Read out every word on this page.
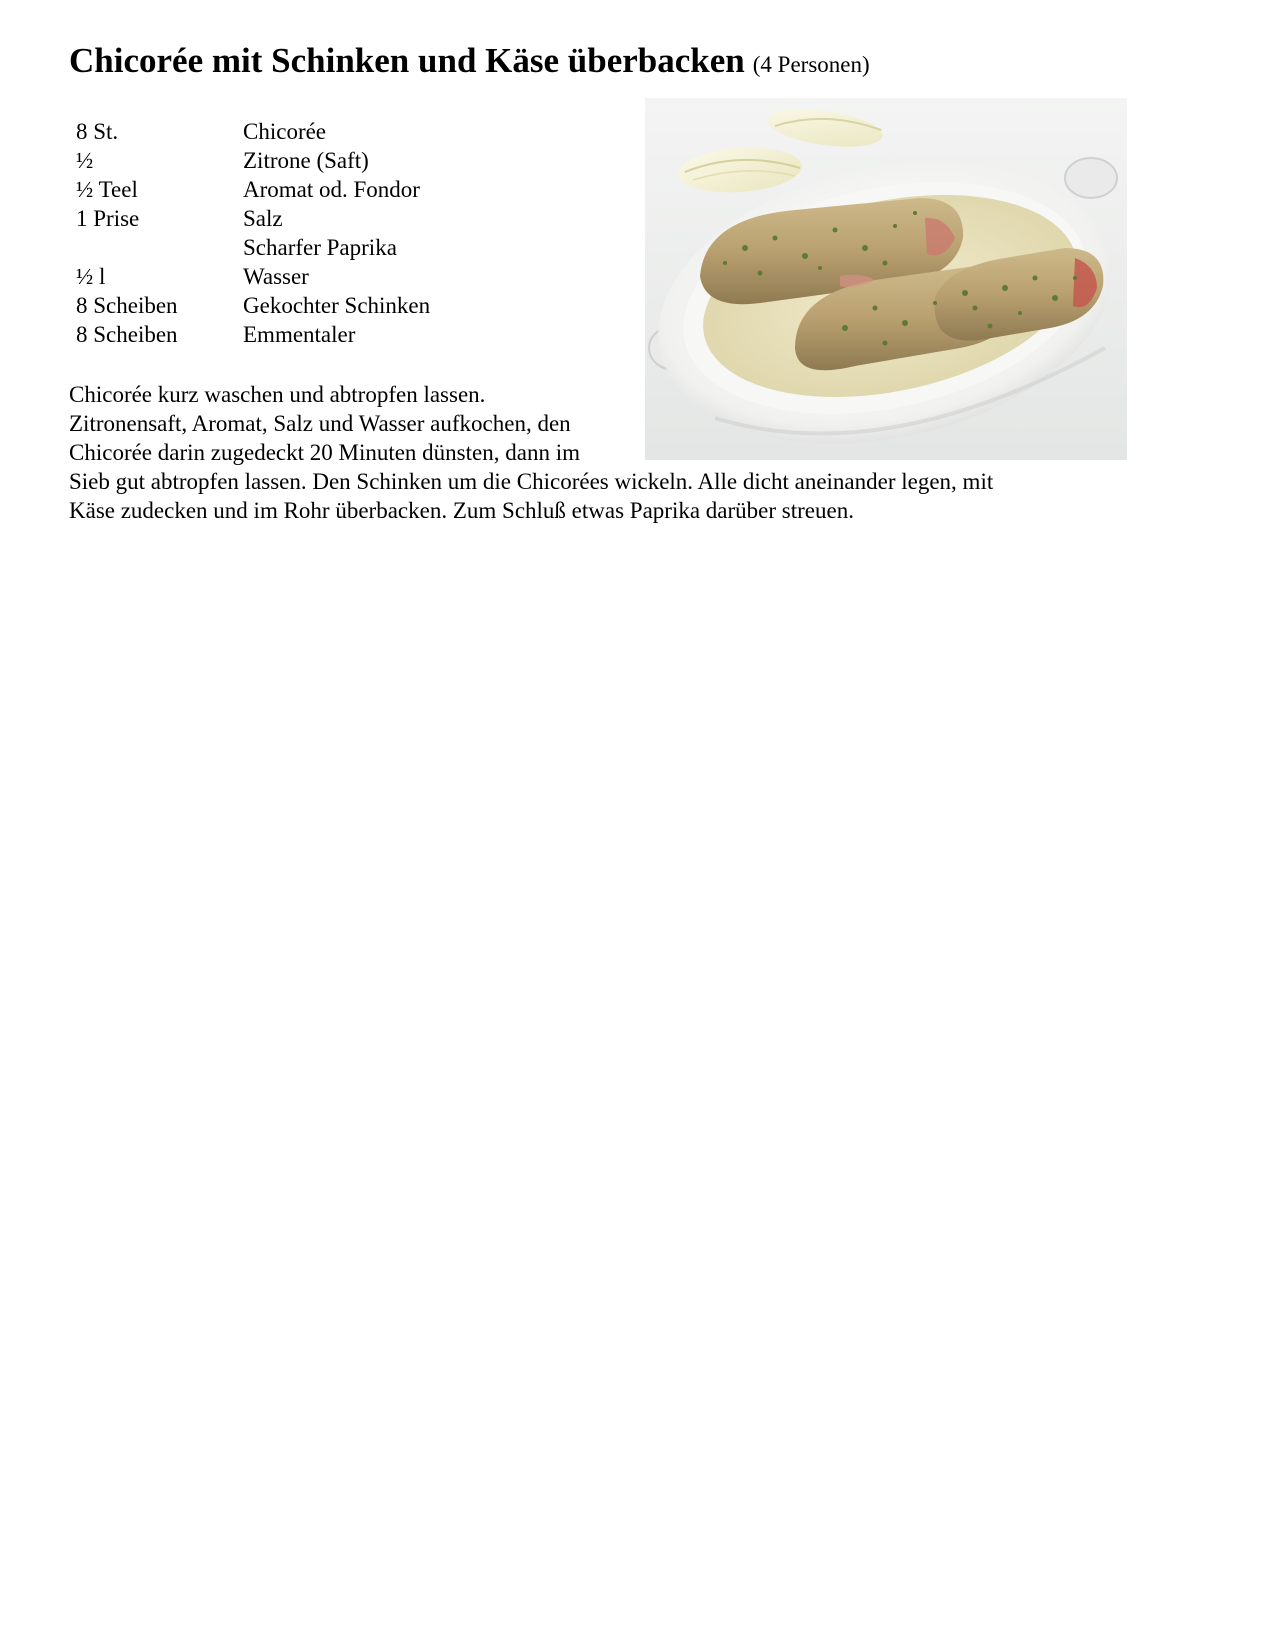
Chicorée mit Schinken und Käse überbacken (4 Personen)
8 St.	Chicorée
½	Zitrone (Saft)
½ Teel	Aromat od. Fondor
1 Prise	Salz
	Scharfer Paprika
½ l	Wasser
8 Scheiben	Gekochter Schinken
8 Scheiben	Emmentaler

Chicorée kurz waschen und abtropfen lassen.

Zitronensaft, Aromat, Salz und Wasser aufkochen, den

Chicorée darin zugedeckt 20 Minuten dünsten, dann im

Sieb gut abtropfen lassen. Den Schinken um die Chicorées wickeln. Alle dicht aneinander legen, mit

Käse zudecken und im Rohr überbacken. Zum Schluß etwas Paprika darüber streuen.
